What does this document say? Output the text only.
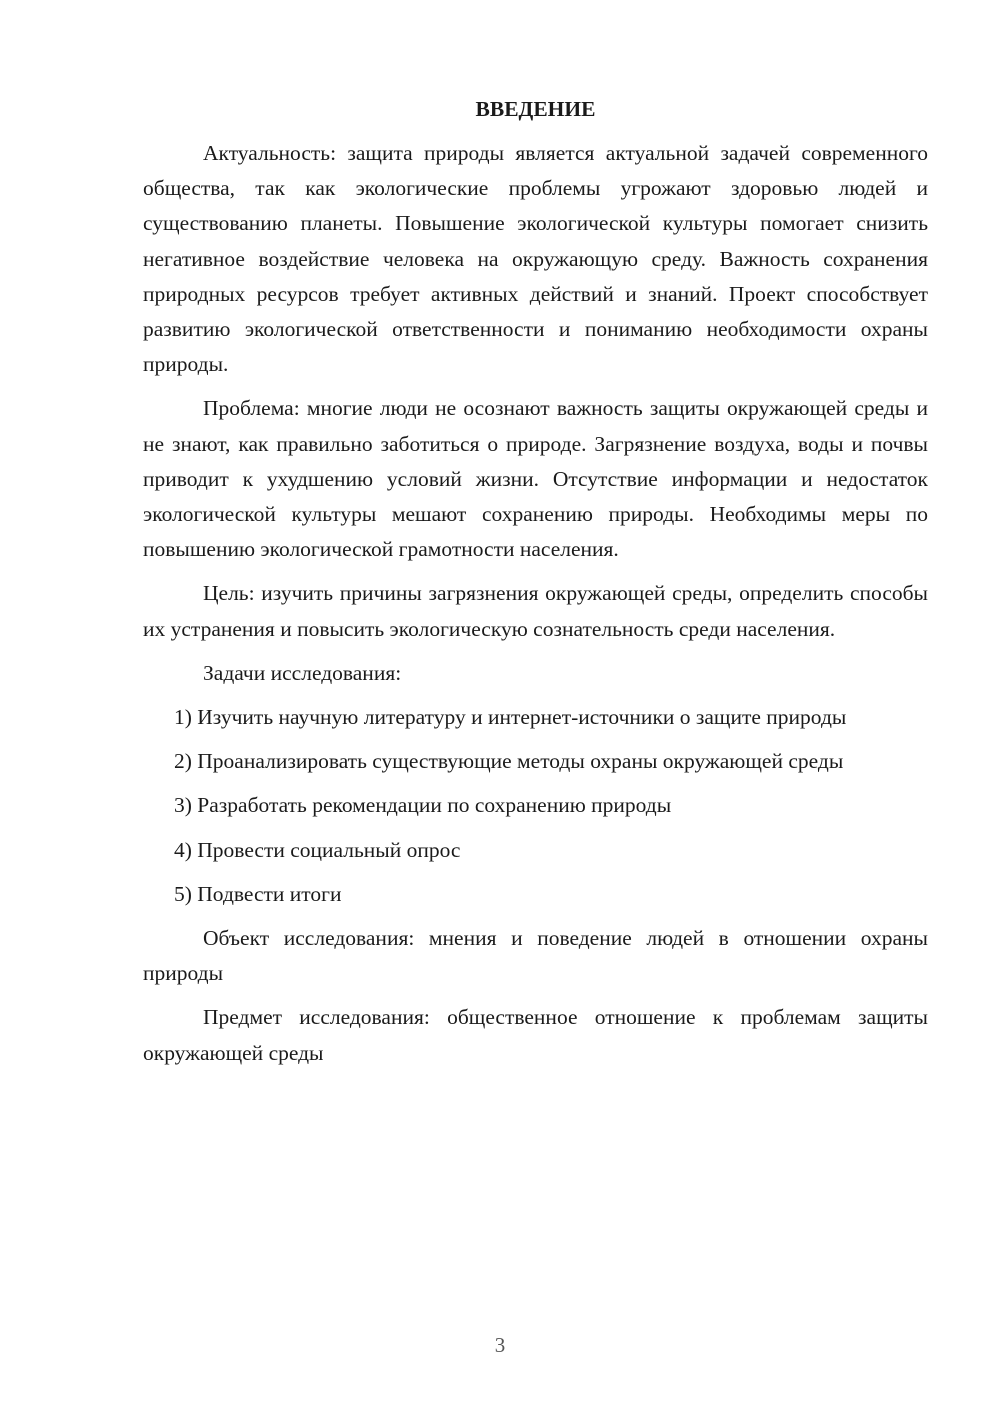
ВВЕДЕНИЕ

Актуальность: защита природы является актуальной задачей современного общества, так как экологические проблемы угрожают здоровью людей и существованию планеты. Повышение экологической культуры помогает снизить негативное воздействие человека на окружающую среду. Важность сохранения природных ресурсов требует активных действий и знаний. Проект способствует развитию экологической ответственности и пониманию необходимости охраны природы.

Проблема: многие люди не осознают важность защиты окружающей среды и не знают, как правильно заботиться о природе. Загрязнение воздуха, воды и почвы приводит к ухудшению условий жизни. Отсутствие информации и недостаток экологической культуры мешают сохранению природы. Необходимы меры по повышению экологической грамотности населения.

Цель: изучить причины загрязнения окружающей среды, определить способы их устранения и повысить экологическую сознательность среди населения.

Задачи исследования:

1) Изучить научную литературу и интернет-источники о защите природы

2) Проанализировать существующие методы охраны окружающей среды

3) Разработать рекомендации по сохранению природы

4) Провести социальный опрос

5) Подвести итоги

Объект исследования: мнения и поведение людей в отношении охраны природы

Предмет исследования: общественное отношение к проблемам защиты окружающей среды

3
